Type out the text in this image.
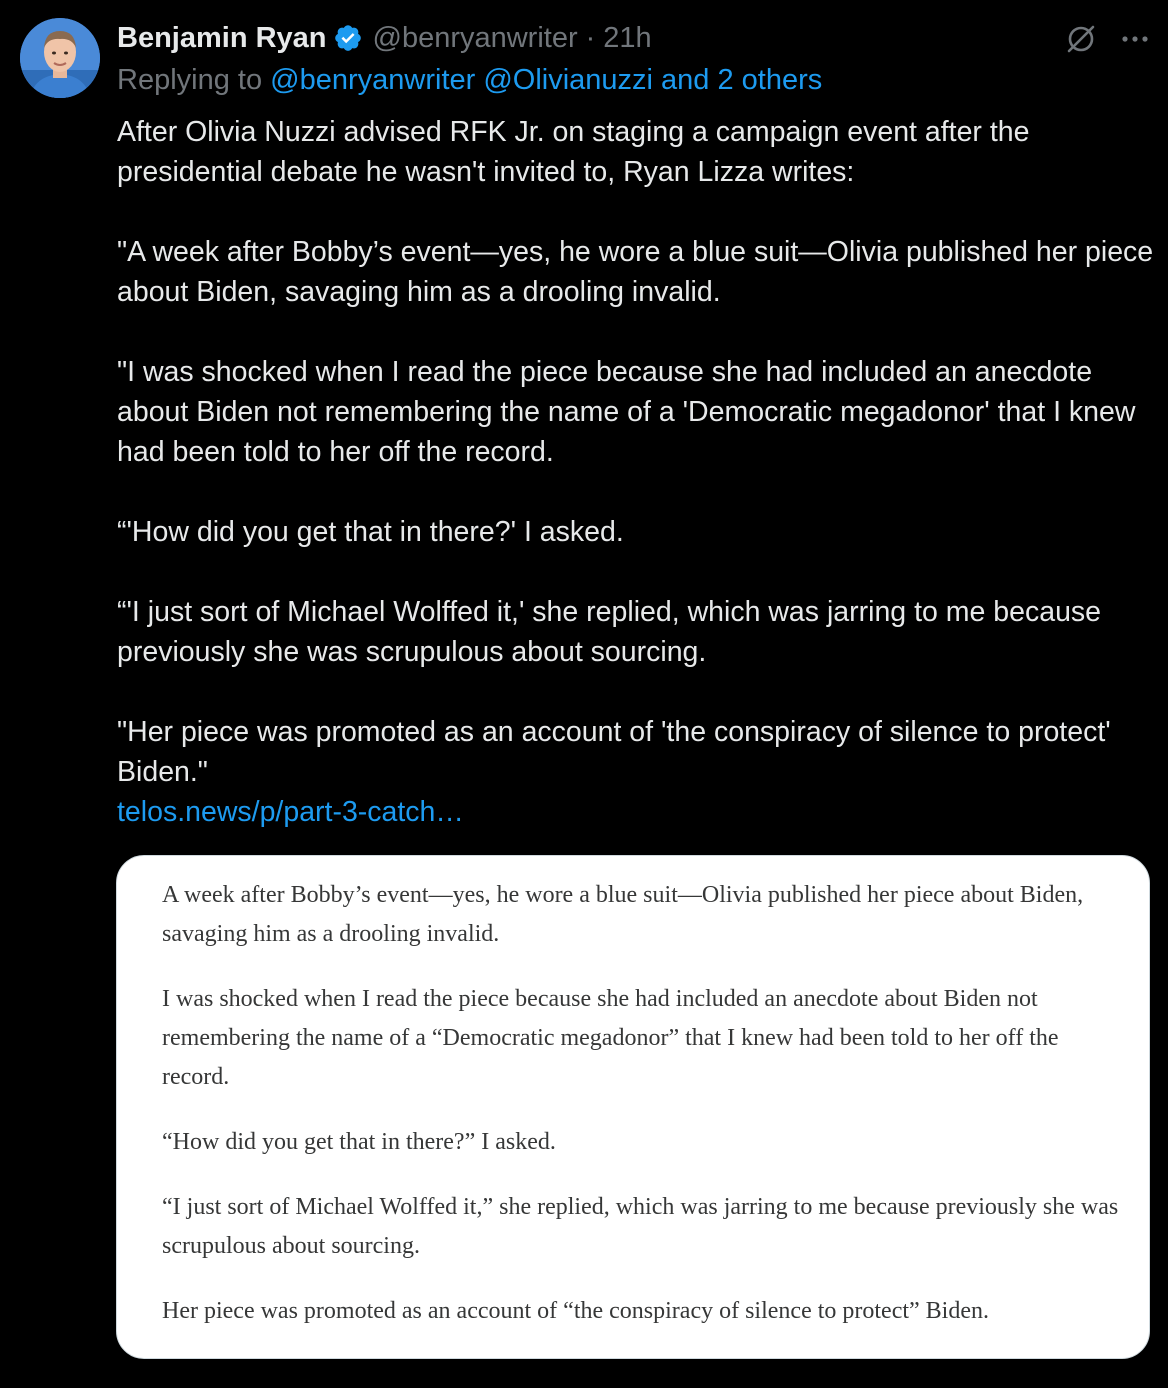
Benjamin Ryan @benryanwriter · 21h
Replying to @benryanwriter @Olivianuzzi and 2 others

After Olivia Nuzzi advised RFK Jr. on staging a campaign event after the presidential debate he wasn't invited to, Ryan Lizza writes:

"A week after Bobby’s event—yes, he wore a blue suit—Olivia published her piece about Biden, savaging him as a drooling invalid.

"I was shocked when I read the piece because she had included an anecdote about Biden not remembering the name of a 'Democratic megadonor' that I knew had been told to her off the record.

“'How did you get that in there?' I asked.

“'I just sort of Michael Wolffed it,' she replied, which was jarring to me because previously she was scrupulous about sourcing.

"Her piece was promoted as an account of 'the conspiracy of silence to protect' Biden."
telos.news/p/part-3-catch…

A week after Bobby’s event—yes, he wore a blue suit—Olivia published her piece about Biden, savaging him as a drooling invalid.

I was shocked when I read the piece because she had included an anecdote about Biden not remembering the name of a “Democratic megadonor” that I knew had been told to her off the record.

“How did you get that in there?” I asked.

“I just sort of Michael Wolffed it,” she replied, which was jarring to me because previously she was scrupulous about sourcing.

Her piece was promoted as an account of “the conspiracy of silence to protect” Biden.
